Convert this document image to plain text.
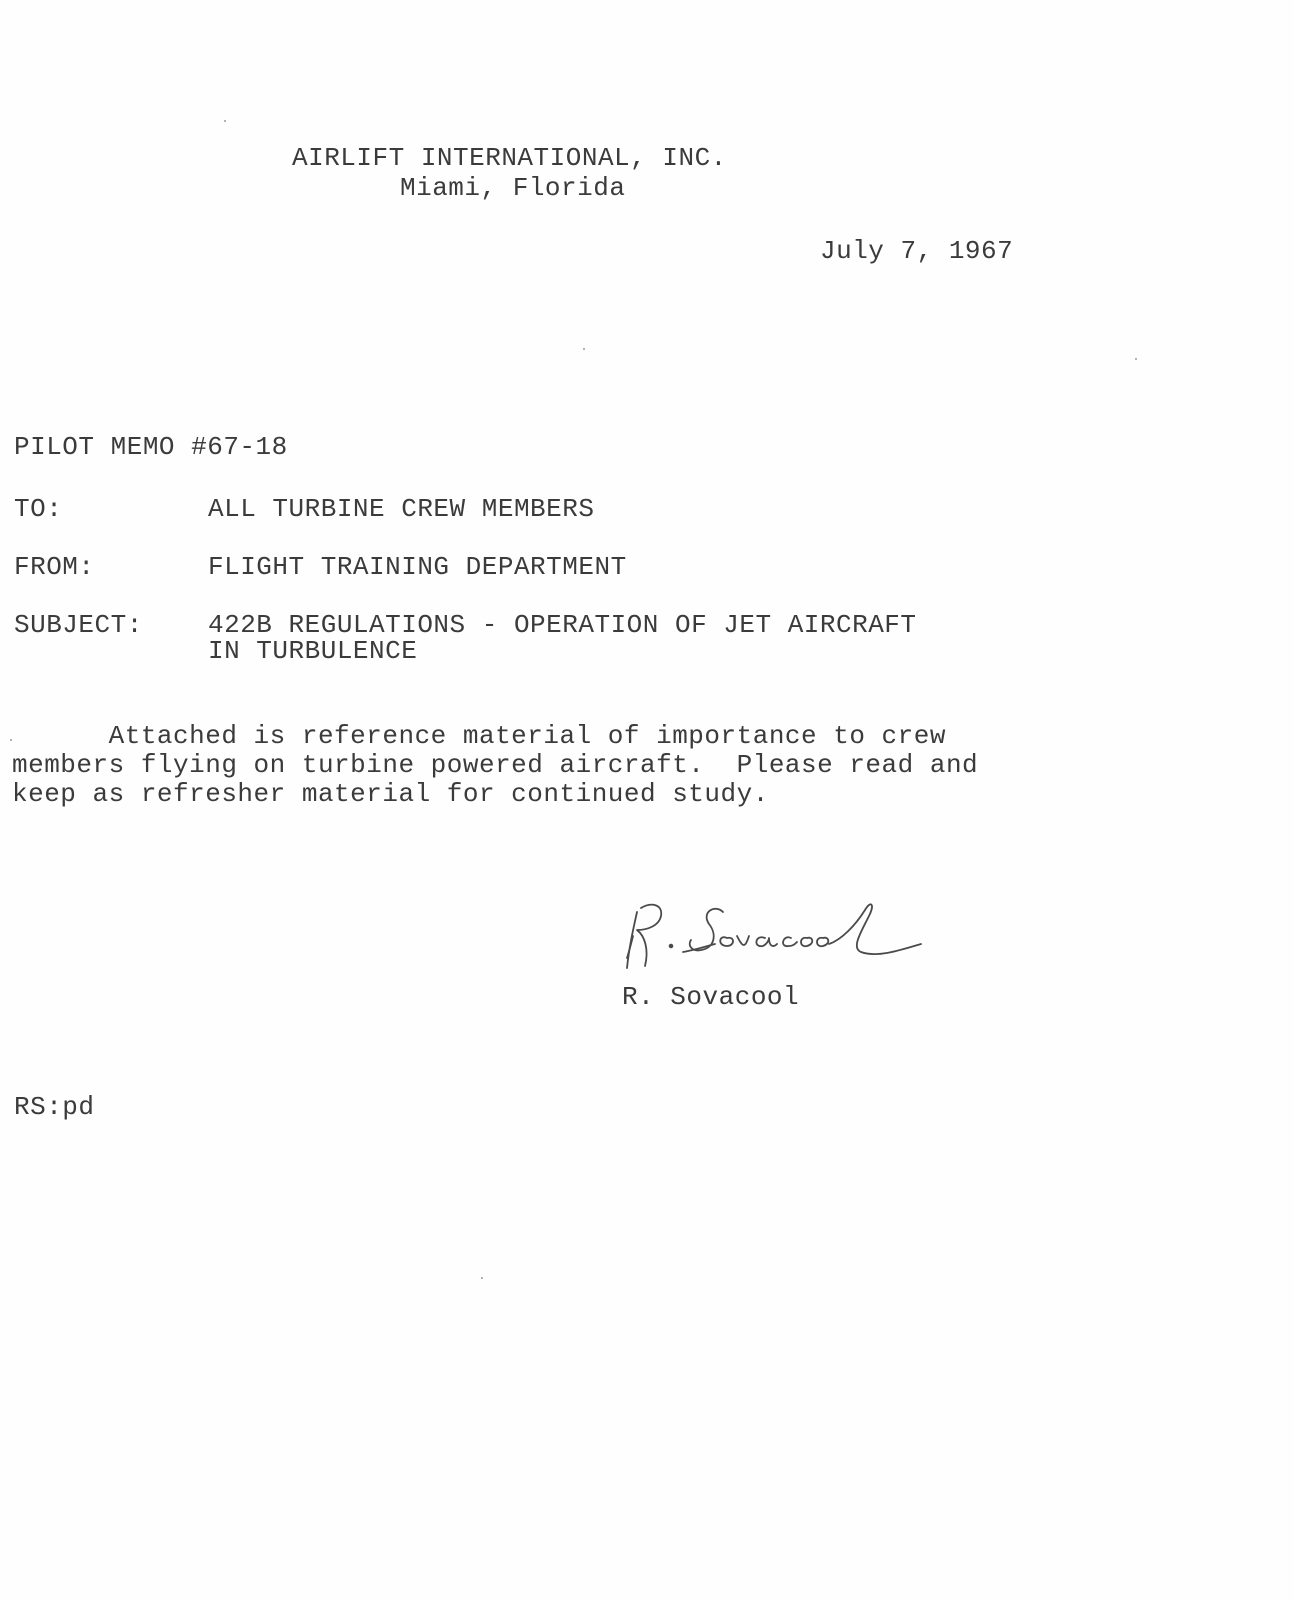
AIRLIFT INTERNATIONAL, INC.
Miami, Florida
July 7, 1967
PILOT MEMO #67-18
TO:	ALL TURBINE CREW MEMBERS
FROM:	FLIGHT TRAINING DEPARTMENT
SUBJECT:	422B REGULATIONS - OPERATION OF JET AIRCRAFT
IN TURBULENCE
Attached is reference material of importance to crew
members flying on turbine powered aircraft.  Please read and
keep as refresher material for continued study.
R. Sovacool
RS:pd
